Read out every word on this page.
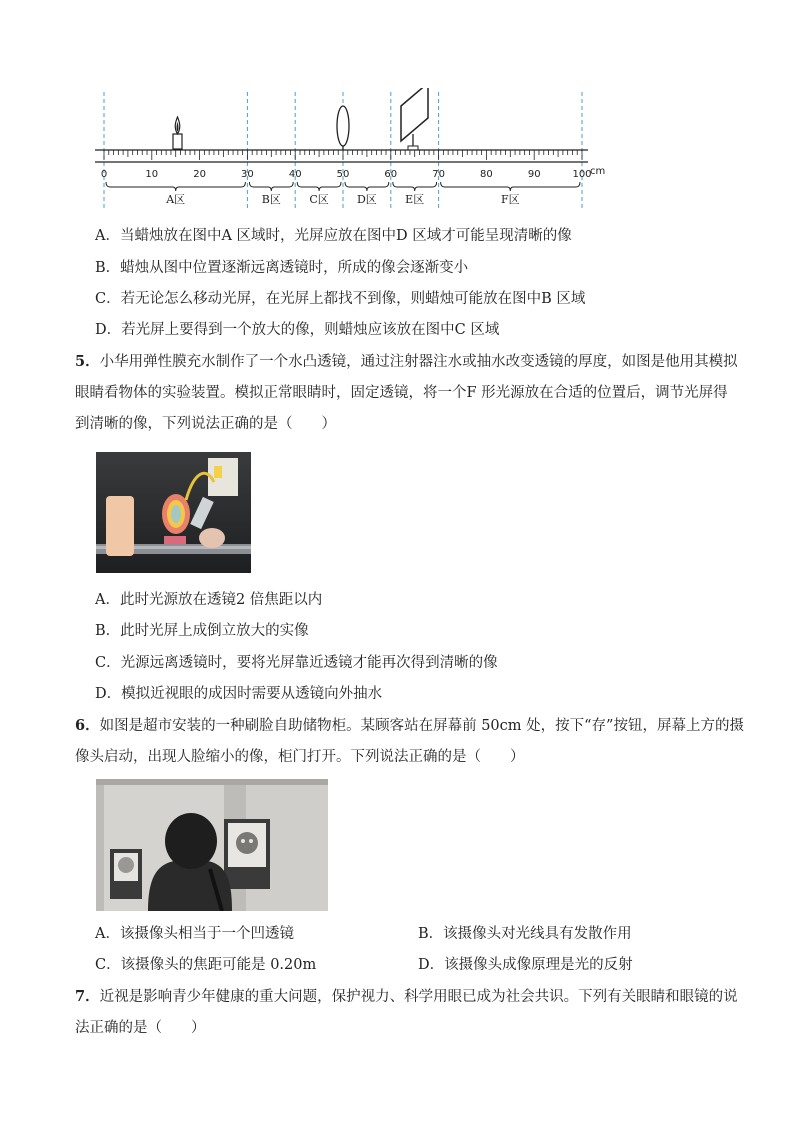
0	10	20	30	40	50	60	70	80	90	100
cm
A区	B区	C区	D区	E区	F区
A．当蜡烛放在图中A 区域时，光屏应放在图中D 区域才可能呈现清晰的像
B．蜡烛从图中位置逐渐远离透镜时，所成的像会逐渐变小
C．若无论怎么移动光屏，在光屏上都找不到像，则蜡烛可能放在图中B 区域
D．若光屏上要得到一个放大的像，则蜡烛应该放在图中C 区域
5．小华用弹性膜充水制作了一个水凸透镜，通过注射器注水或抽水改变透镜的厚度，如图是他用其模拟
眼睛看物体的实验装置。模拟正常眼睛时，固定透镜，将一个F 形光源放在合适的位置后，调节光屏得
到清晰的像，下列说法正确的是（　　）
A．此时光源放在透镜2 倍焦距以内
B．此时光屏上成倒立放大的实像
C．光源远离透镜时，要将光屏靠近透镜才能再次得到清晰的像
D．模拟近视眼的成因时需要从透镜向外抽水
6．如图是超市安装的一种刷脸自助储物柜。某顾客站在屏幕前 50cm 处，按下“存”按钮，屏幕上方的摄
像头启动，出现人脸缩小的像，柜门打开。下列说法正确的是（　　）
A．该摄像头相当于一个凹透镜	B．该摄像头对光线具有发散作用
C．该摄像头的焦距可能是 0.20m	D．该摄像头成像原理是光的反射
7．近视是影响青少年健康的重大问题，保护视力、科学用眼已成为社会共识。下列有关眼睛和眼镜的说
法正确的是（　　）
